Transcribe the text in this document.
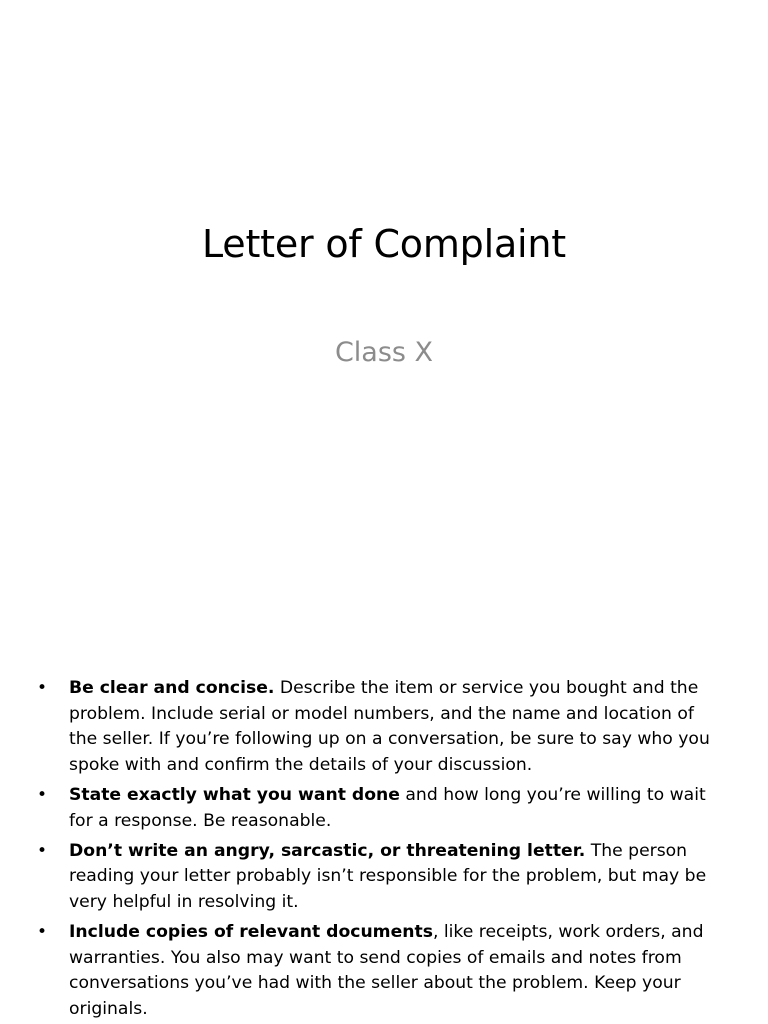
Letter of Complaint
Class X
• Be clear and concise. Describe the item or service you bought and the problem. Include serial or model numbers, and the name and location of the seller. If you’re following up on a conversation, be sure to say who you spoke with and confirm the details of your discussion.
• State exactly what you want done and how long you’re willing to wait for a response. Be reasonable.
• Don’t write an angry, sarcastic, or threatening letter. The person reading your letter probably isn’t responsible for the problem, but may be very helpful in resolving it.
• Include copies of relevant documents, like receipts, work orders, and warranties. You also may want to send copies of emails and notes from conversations you’ve had with the seller about the problem. Keep your originals.
